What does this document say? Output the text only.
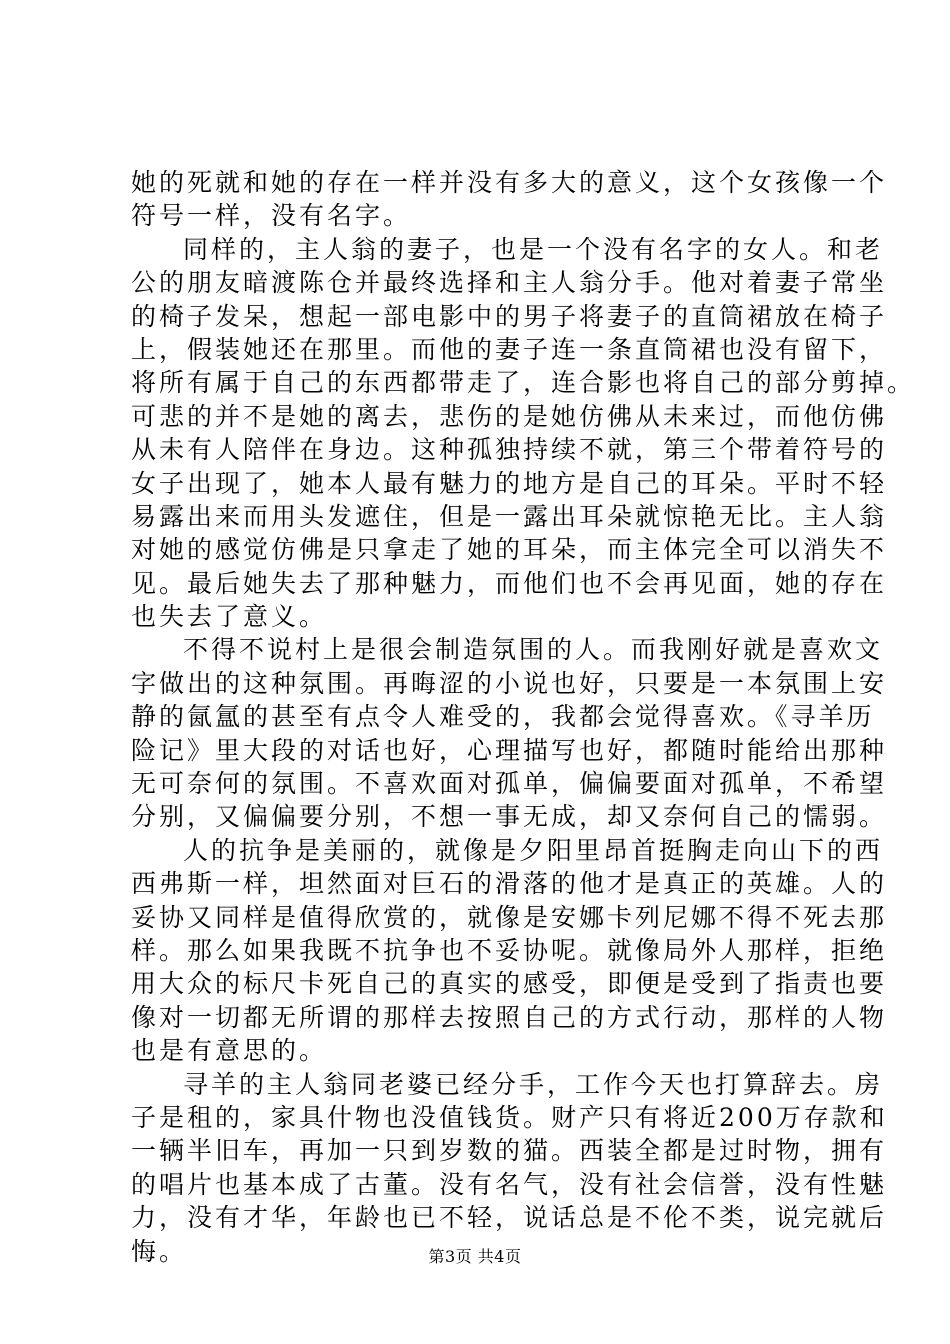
她的死就和她的存在一样并没有多大的意义，这个女孩像一个
符号一样，没有名字。
同样的，主人翁的妻子，也是一个没有名字的女人。和老
公的朋友暗渡陈仓并最终选择和主人翁分手。他对着妻子常坐
的椅子发呆，想起一部电影中的男子将妻子的直筒裙放在椅子
上，假装她还在那里。而他的妻子连一条直筒裙也没有留下，
将所有属于自己的东西都带走了，连合影也将自己的部分剪掉。
可悲的并不是她的离去，悲伤的是她仿佛从未来过，而他仿佛
从未有人陪伴在身边。这种孤独持续不就，第三个带着符号的
女子出现了，她本人最有魅力的地方是自己的耳朵。平时不轻
易露出来而用头发遮住，但是一露出耳朵就惊艳无比。主人翁
对她的感觉仿佛是只拿走了她的耳朵，而主体完全可以消失不
见。最后她失去了那种魅力，而他们也不会再见面，她的存在
也失去了意义。
不得不说村上是很会制造氛围的人。而我刚好就是喜欢文
字做出的这种氛围。再晦涩的小说也好，只要是一本氛围上安
静的氤氲的甚至有点令人难受的，我都会觉得喜欢。《寻羊历
险记》里大段的对话也好，心理描写也好，都随时能给出那种
无可奈何的氛围。不喜欢面对孤单，偏偏要面对孤单，不希望
分别，又偏偏要分别，不想一事无成，却又奈何自己的懦弱。
人的抗争是美丽的，就像是夕阳里昂首挺胸走向山下的西
西弗斯一样，坦然面对巨石的滑落的他才是真正的英雄。人的
妥协又同样是值得欣赏的，就像是安娜卡列尼娜不得不死去那
样。那么如果我既不抗争也不妥协呢。就像局外人那样，拒绝
用大众的标尺卡死自己的真实的感受，即便是受到了指责也要
像对一切都无所谓的那样去按照自己的方式行动，那样的人物
也是有意思的。
寻羊的主人翁同老婆已经分手，工作今天也打算辞去。房
子是租的，家具什物也没值钱货。财产只有将近200万存款和
一辆半旧车，再加一只到岁数的猫。西装全都是过时物，拥有
的唱片也基本成了古董。没有名气，没有社会信誉，没有性魅
力，没有才华，年龄也已不轻，说话总是不伦不类，说完就后
悔。	第3页 共4页
